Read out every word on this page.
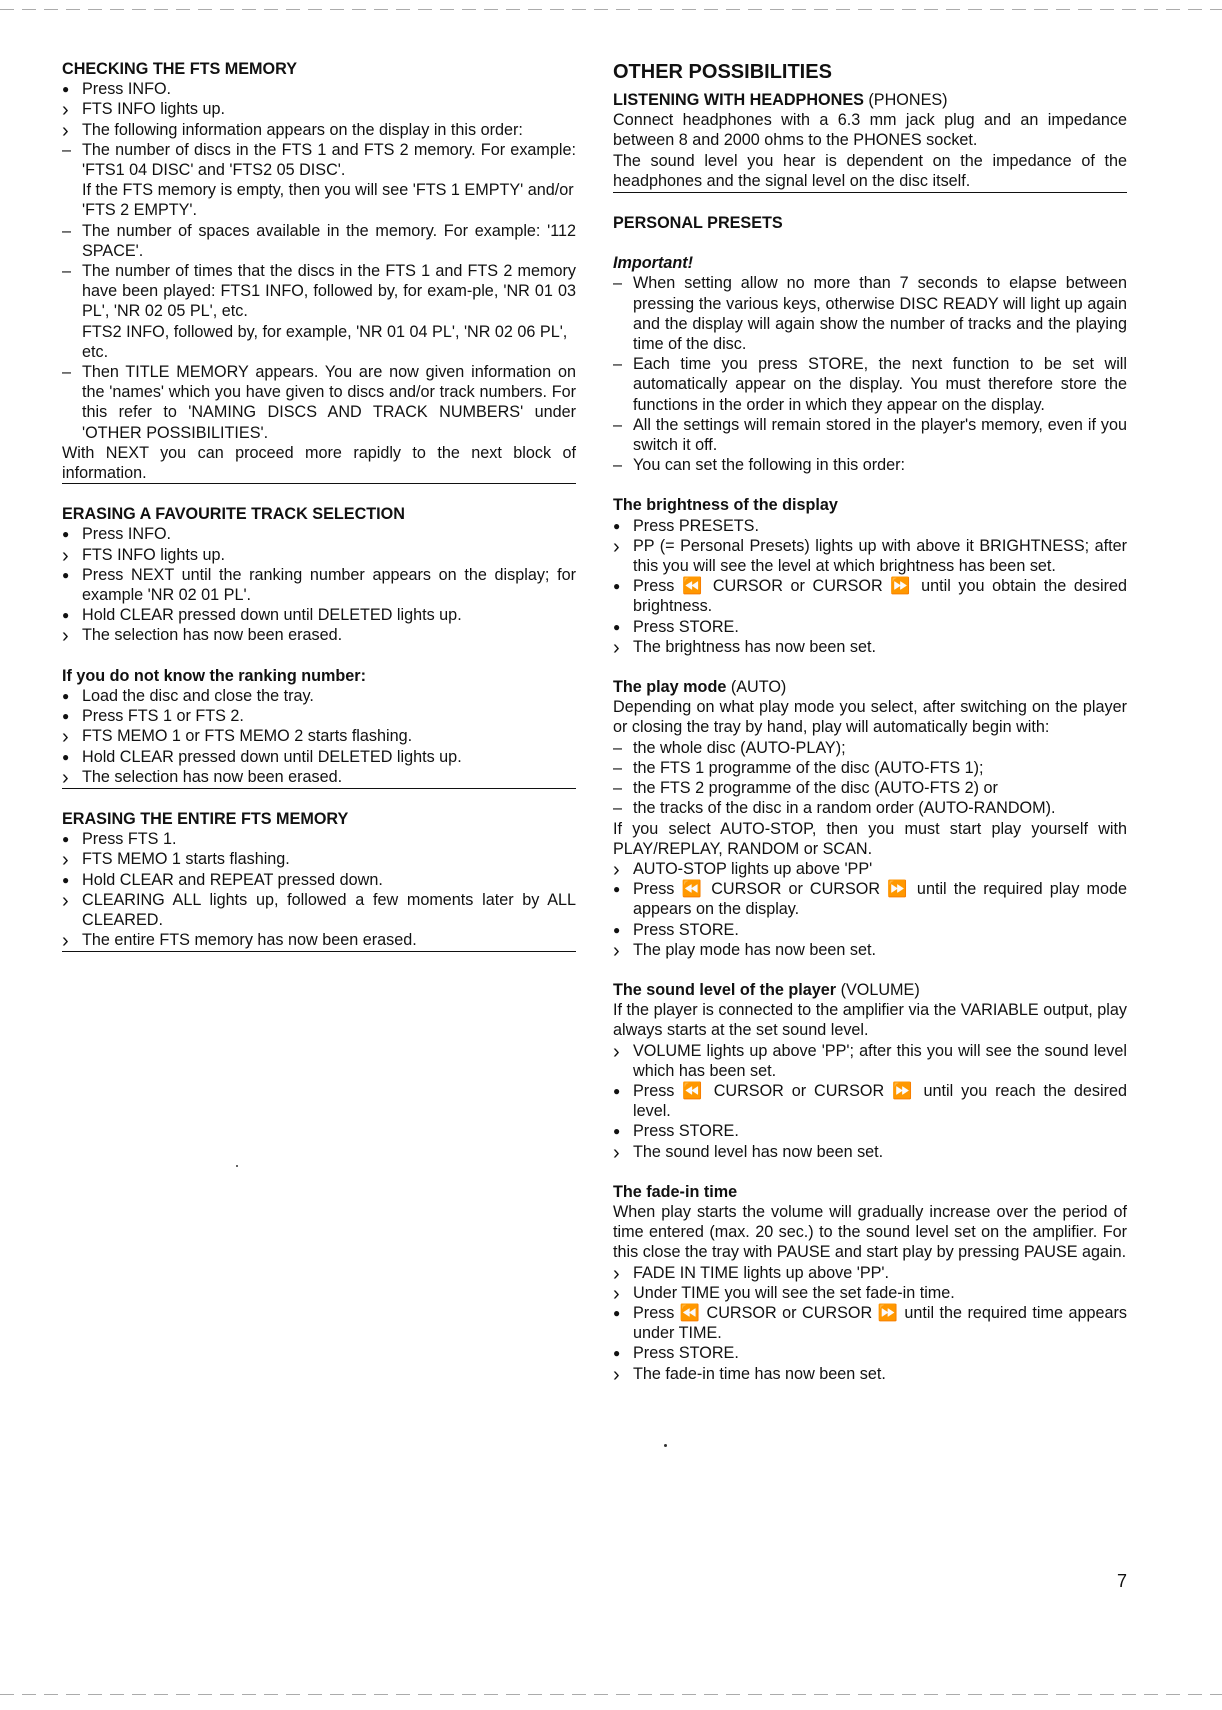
CHECKING THE FTS MEMORY
●
Press INFO.
›
FTS INFO lights up.
›
The following information appears on the display in this order:
–
The number of discs in the FTS 1 and FTS 2 memory. For example: 'FTS1 04 DISC' and 'FTS2 05 DISC'.
If the FTS memory is empty, then you will see 'FTS 1 EMPTY' and/or 'FTS 2 EMPTY'.
–
The number of spaces available in the memory. For example: '112 SPACE'.
–
The number of times that the discs in the FTS 1 and FTS 2 memory have been played: FTS1 INFO, followed by, for exam-ple, 'NR 01 03 PL', 'NR 02 05 PL', etc.
FTS2 INFO, followed by, for example, 'NR 01 04 PL', 'NR 02 06 PL', etc.
–
Then TITLE MEMORY appears. You are now given information on the 'names' which you have given to discs and/or track numbers. For this refer to 'NAMING DISCS AND TRACK NUMBERS' under 'OTHER POSSIBILITIES'.
With NEXT you can proceed more rapidly to the next block of information.
ERASING A FAVOURITE TRACK SELECTION
●
Press INFO.
›
FTS INFO lights up.
●
Press NEXT until the ranking number appears on the display; for example 'NR 02 01 PL'.
●
Hold CLEAR pressed down until DELETED lights up.
›
The selection has now been erased.
If you do not know the ranking number:
●
Load the disc and close the tray.
●
Press FTS 1 or FTS 2.
›
FTS MEMO 1 or FTS MEMO 2 starts flashing.
●
Hold CLEAR pressed down until DELETED lights up.
›
The selection has now been erased.
ERASING THE ENTIRE FTS MEMORY
●
Press FTS 1.
›
FTS MEMO 1 starts flashing.
●
Hold CLEAR and REPEAT pressed down.
›
CLEARING ALL lights up, followed a few moments later by ALL CLEARED.
›
The entire FTS memory has now been erased.
OTHER POSSIBILITIES
LISTENING WITH HEADPHONES (PHONES)
Connect headphones with a 6.3 mm jack plug and an impedance between 8 and 2000 ohms to the PHONES socket.
The sound level you hear is dependent on the impedance of the headphones and the signal level on the disc itself.
PERSONAL PRESETS
Important!
–
When setting allow no more than 7 seconds to elapse between pressing the various keys, otherwise DISC READY will light up again and the display will again show the number of tracks and the playing time of the disc.
–
Each time you press STORE, the next function to be set will automatically appear on the display. You must therefore store the functions in the order in which they appear on the display.
–
All the settings will remain stored in the player's memory, even if you switch it off.
–
You can set the following in this order:
The brightness of the display
●
Press PRESETS.
›
PP (= Personal Presets) lights up with above it BRIGHTNESS; after this you will see the level at which brightness has been set.
●
Press ⏪ CURSOR or CURSOR ⏩ until you obtain the desired brightness.
●
Press STORE.
›
The brightness has now been set.
The play mode (AUTO)
Depending on what play mode you select, after switching on the player or closing the tray by hand, play will automatically begin with:
–
the whole disc (AUTO-PLAY);
–
the FTS 1 programme of the disc (AUTO-FTS 1);
–
the FTS 2 programme of the disc (AUTO-FTS 2) or
–
the tracks of the disc in a random order (AUTO-RANDOM).
If you select AUTO-STOP, then you must start play yourself with PLAY/REPLAY, RANDOM or SCAN.
›
AUTO-STOP lights up above 'PP'
●
Press ⏪ CURSOR or CURSOR ⏩ until the required play mode appears on the display.
●
Press STORE.
›
The play mode has now been set.
The sound level of the player (VOLUME)
If the player is connected to the amplifier via the VARIABLE output, play always starts at the set sound level.
›
VOLUME lights up above 'PP'; after this you will see the sound level which has been set.
●
Press ⏪ CURSOR or CURSOR ⏩ until you reach the desired level.
●
Press STORE.
›
The sound level has now been set.
The fade-in time
When play starts the volume will gradually increase over the period of time entered (max. 20 sec.) to the sound level set on the amplifier. For this close the tray with PAUSE and start play by pressing PAUSE again.
›
FADE IN TIME lights up above 'PP'.
›
Under TIME you will see the set fade-in time.
●
Press ⏪ CURSOR or CURSOR ⏩ until the required time appears under TIME.
●
Press STORE.
›
The fade-in time has now been set.
7
